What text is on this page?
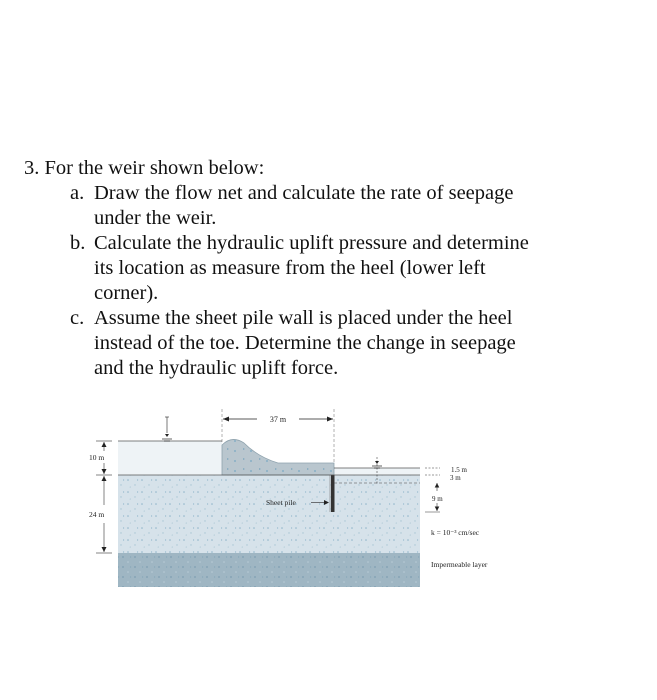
3. For the weir shown below:
a. Draw the flow net and calculate the rate of seepage
under the weir.
b. Calculate the hydraulic uplift pressure and determine
its location as measure from the heel (lower left
corner).
c. Assume the sheet pile wall is placed under the heel
instead of the toe. Determine the change in seepage
and the hydraulic uplift force.
37 m
10 m
24 m
1.5 m
3 m
9 m
Sheet pile
k = 10⁻³ cm/sec
Impermeable layer
